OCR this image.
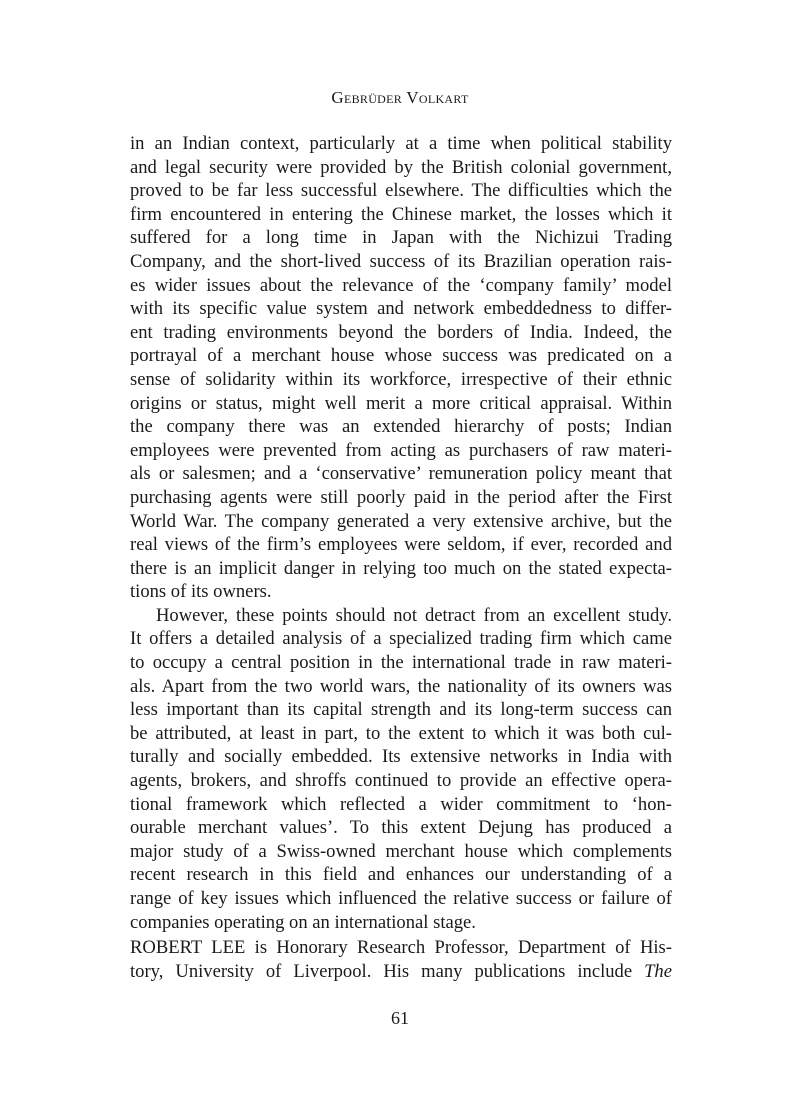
Gebrüder Volkart
in an Indian context, particularly at a time when political stability
and legal security were provided by the British colonial government,
proved to be far less successful elsewhere. The difficulties which the
firm encountered in entering the Chinese market, the losses which it
suffered for a long time in Japan with the Nichizui Trading
Company, and the short-lived success of its Brazilian operation rais-
es wider issues about the relevance of the ‘company family’ model
with its specific value system and network embeddedness to differ-
ent trading environments beyond the borders of India. Indeed, the
portrayal of a merchant house whose success was predicated on a
sense of solidarity within its workforce, irrespective of their ethnic
origins or status, might well merit a more critical appraisal. Within
the company there was an extended hierarchy of posts; Indian
employees were prevented from acting as purchasers of raw materi-
als or salesmen; and a ‘conservative’ remuneration policy meant that
purchasing agents were still poorly paid in the period after the First
World War. The company generated a very extensive archive, but the
real views of the firm’s employees were seldom, if ever, recorded and
there is an implicit danger in relying too much on the stated expecta-
tions of its owners.
However, these points should not detract from an excellent study.
It offers a detailed analysis of a specialized trading firm which came
to occupy a central position in the international trade in raw materi-
als. Apart from the two world wars, the nationality of its owners was
less important than its capital strength and its long-term success can
be attributed, at least in part, to the extent to which it was both cul-
turally and socially embedded. Its extensive networks in India with
agents, brokers, and shroffs continued to provide an effective opera-
tional framework which reflected a wider commitment to ‘hon-
ourable merchant values’. To this extent Dejung has produced a
major study of a Swiss-owned merchant house which complements
recent research in this field and enhances our understanding of a
range of key issues which influenced the relative success or failure of
companies operating on an international stage.
ROBERT LEE is Honorary Research Professor, Department of His-
tory, University of Liverpool. His many publications include The
61
